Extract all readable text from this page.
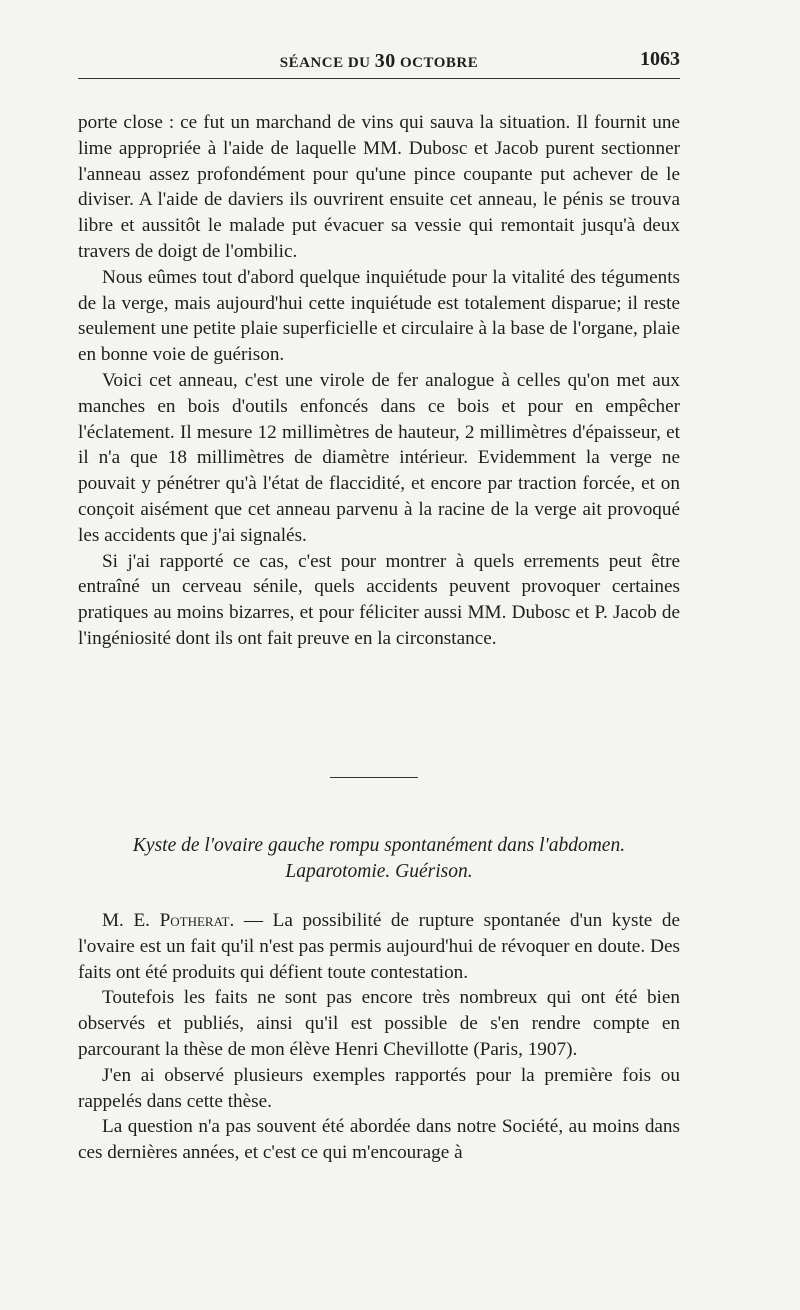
SÉANCE DU 30 OCTOBRE	1063

porte close : ce fut un marchand de vins qui sauva la situation. Il fournit une lime appropriée à l'aide de laquelle MM. Dubosc et Jacob purent sectionner l'anneau assez profondément pour qu'une pince coupante put achever de le diviser. A l'aide de daviers ils ouvrirent ensuite cet anneau, le pénis se trouva libre et aussitôt le malade put évacuer sa vessie qui remontait jusqu'à deux travers de doigt de l'ombilic.

Nous eûmes tout d'abord quelque inquiétude pour la vitalité des téguments de la verge, mais aujourd'hui cette inquiétude est totalement disparue; il reste seulement une petite plaie superficielle et circulaire à la base de l'organe, plaie en bonne voie de guérison.

Voici cet anneau, c'est une virole de fer analogue à celles qu'on met aux manches en bois d'outils enfoncés dans ce bois et pour en empêcher l'éclatement. Il mesure 12 millimètres de hauteur, 2 millimètres d'épaisseur, et il n'a que 18 millimètres de diamètre intérieur. Evidemment la verge ne pouvait y pénétrer qu'à l'état de flaccidité, et encore par traction forcée, et on conçoit aisément que cet anneau parvenu à la racine de la verge ait provoqué les accidents que j'ai signalés.

Si j'ai rapporté ce cas, c'est pour montrer à quels errements peut être entraîné un cerveau sénile, quels accidents peuvent provoquer certaines pratiques au moins bizarres, et pour féliciter aussi MM. Dubosc et P. Jacob de l'ingéniosité dont ils ont fait preuve en la circonstance.

Kyste de l'ovaire gauche rompu spontanément dans l'abdomen.
Laparotomie. Guérison.

M. E. Potherat. — La possibilité de rupture spontanée d'un kyste de l'ovaire est un fait qu'il n'est pas permis aujourd'hui de révoquer en doute. Des faits ont été produits qui défient toute contestation.

Toutefois les faits ne sont pas encore très nombreux qui ont été bien observés et publiés, ainsi qu'il est possible de s'en rendre compte en parcourant la thèse de mon élève Henri Chevillotte (Paris, 1907).

J'en ai observé plusieurs exemples rapportés pour la première fois ou rappelés dans cette thèse.

La question n'a pas souvent été abordée dans notre Société, au moins dans ces dernières années, et c'est ce qui m'encourage à
